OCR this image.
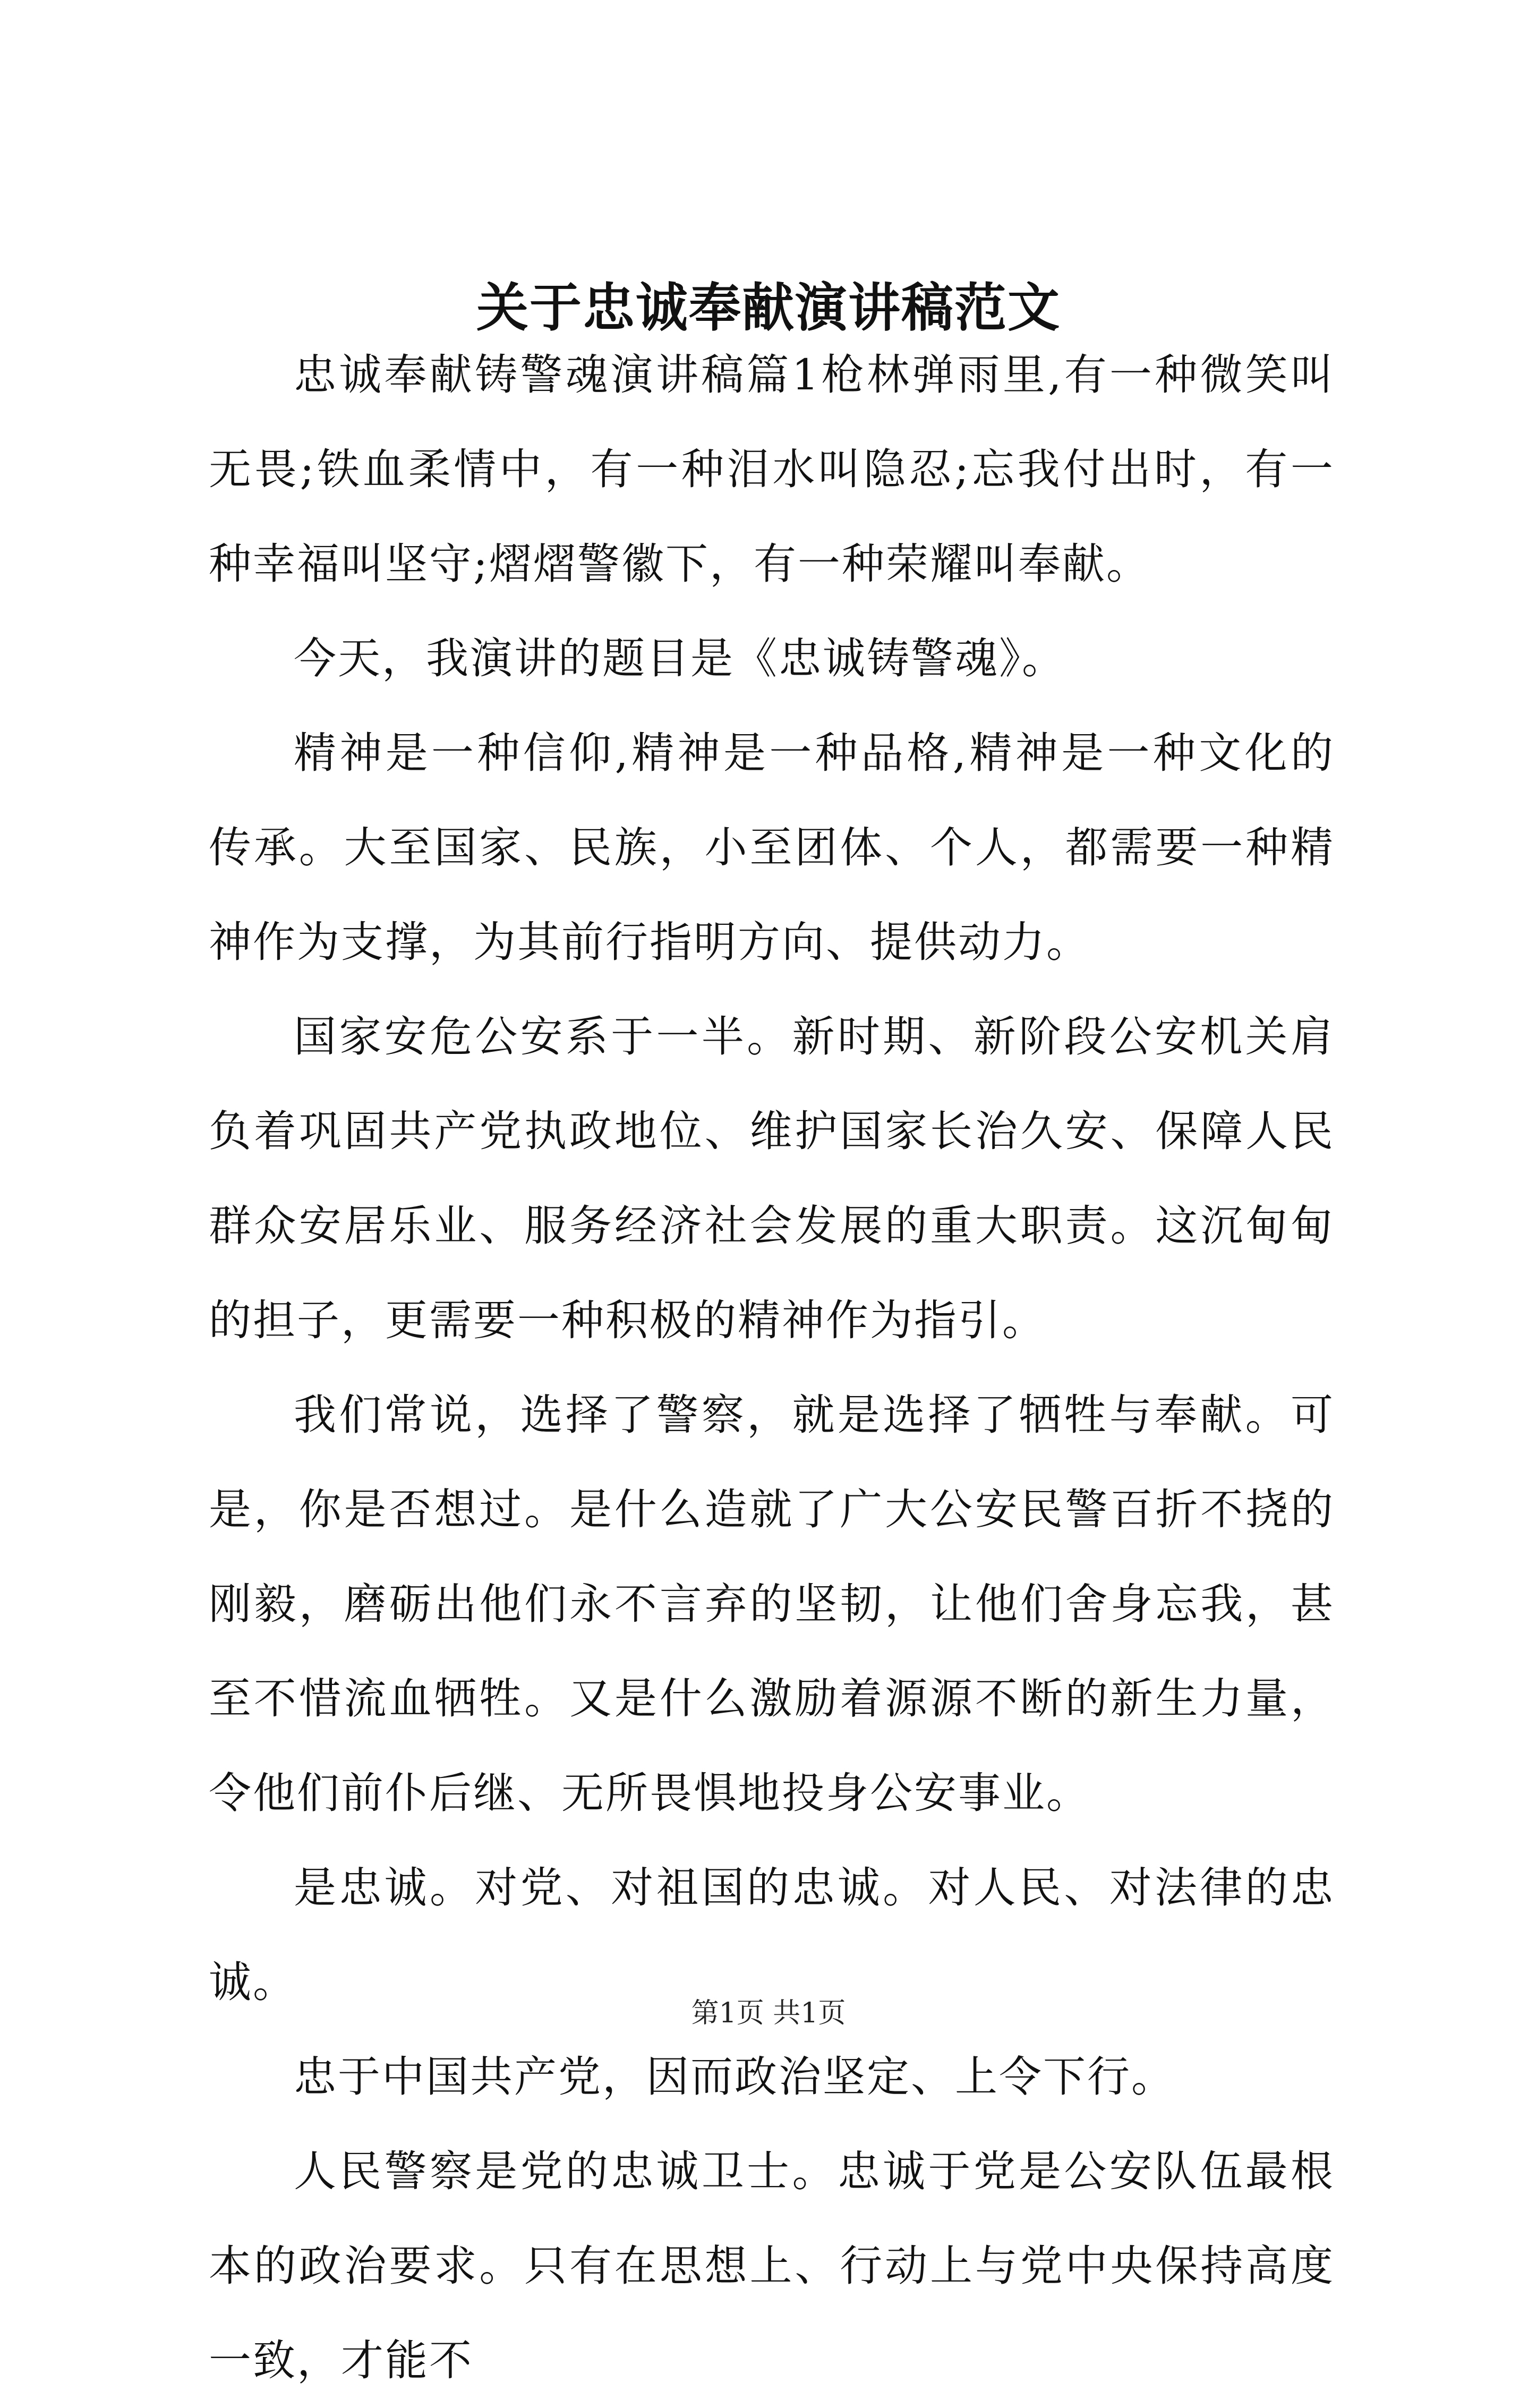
关于忠诚奉献演讲稿范文

忠诚奉献铸警魂演讲稿篇1枪林弹雨里,有一种微笑叫无畏;铁血柔情中，有一种泪水叫隐忍;忘我付出时，有一种幸福叫坚守;熠熠警徽下，有一种荣耀叫奉献。

今天，我演讲的题目是《忠诚铸警魂》。

精神是一种信仰,精神是一种品格,精神是一种文化的传承。大至国家、民族，小至团体、个人，都需要一种精神作为支撑，为其前行指明方向、提供动力。

国家安危公安系于一半。新时期、新阶段公安机关肩负着巩固共产党执政地位、维护国家长治久安、保障人民群众安居乐业、服务经济社会发展的重大职责。这沉甸甸的担子，更需要一种积极的精神作为指引。

我们常说，选择了警察，就是选择了牺牲与奉献。可是，你是否想过。是什么造就了广大公安民警百折不挠的刚毅，磨砺出他们永不言弃的坚韧，让他们舍身忘我，甚至不惜流血牺牲。又是什么激励着源源不断的新生力量，令他们前仆后继、无所畏惧地投身公安事业。

是忠诚。对党、对祖国的忠诚。对人民、对法律的忠诚。

忠于中国共产党，因而政治坚定、上令下行。

人民警察是党的忠诚卫士。忠诚于党是公安队伍最根本的政治要求。只有在思想上、行动上与党中央保持高度一致，才能不

第1页 共1页
